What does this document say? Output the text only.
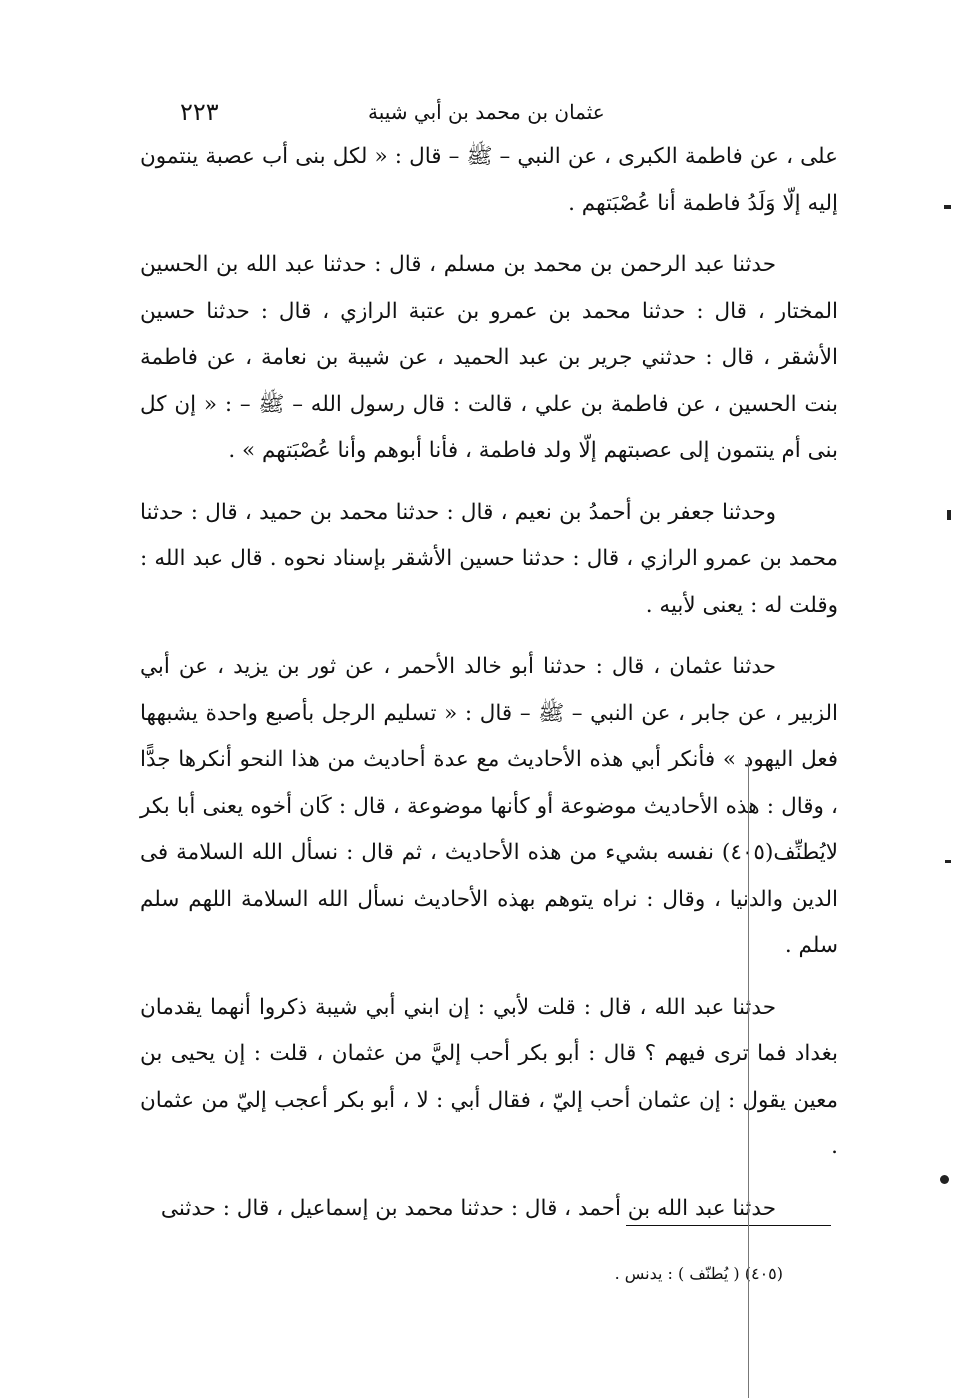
٢٢٣	عثمان بن محمد بن أبي شيبة

على ، عن فاطمة الكبرى ، عن النبي – ﷺ – قال : « لكل بنى أب عصبة ينتمون إليه إلّا وَلَدُ فاطمة أنا عُصْبَتهم .

حدثنا عبد الرحمن بن محمد بن مسلم ، قال : حدثنا عبد الله بن الحسين المختار ، قال : حدثنا محمد بن عمرو بن عتبة الرازي ، قال : حدثنا حسين الأشقر ، قال : حدثني جرير بن عبد الحميد ، عن شيبة بن نعامة ، عن فاطمة بنت الحسين ، عن فاطمة بن علي ، قالت : قال رسول الله – ﷺ – : « إن كل بنى أم ينتمون إلى عصبتهم إلّا ولد فاطمة ، فأنا أبوهم وأنا عُصْبَتهم » .

وحدثنا جعفر بن أحمدُ بن نعيم ، قال : حدثنا محمد بن حميد ، قال : حدثنا محمد بن عمرو الرازي ، قال : حدثنا حسين الأشقر بإسناد نحوه . قال عبد الله : وقلت له : يعنى لأبيه .

حدثنا عثمان ، قال : حدثنا أبو خالد الأحمر ، عن ثور بن يزيد ، عن أبي الزبير ، عن جابر ، عن النبي – ﷺ – قال : « تسليم الرجل بأصبع واحدة يشبهها فعل اليهود » فأنكر أبي هذه الأحاديث مع عدة أحاديث من هذا النحو أنكرها جدًّا ، وقال : هذه الأحاديث موضوعة أو كأنها موضوعة ، قال : كَان أخوه يعنى أبا بكر لايُطنِّف(٤٠٥) نفسه بشيء من هذه الأحاديث ، ثم قال : نسأل الله السلامة فى الدين والدنيا ، وقال : نراه يتوهم بهذه الأحاديث نسأل الله السلامة اللهم سلم سلم .

حدثنا عبد الله ، قال : قلت لأبي : إن ابني أبي شيبة ذكروا أنهما يقدمان بغداد فما ترى فيهم ؟ قال : أبو بكر أحب إليَّ من عثمان ، قلت : إن يحيى بن معين يقول : إن عثمان أحب إليّ ، فقال أبي : لا ، أبو بكر أعجب إليّ من عثمان .

حدثنا عبد الله بن أحمد ، قال : حدثنا محمد بن إسماعيل ، قال : حدثنى

(٤٠٥) ( يُطنّف ) : يدنس .
